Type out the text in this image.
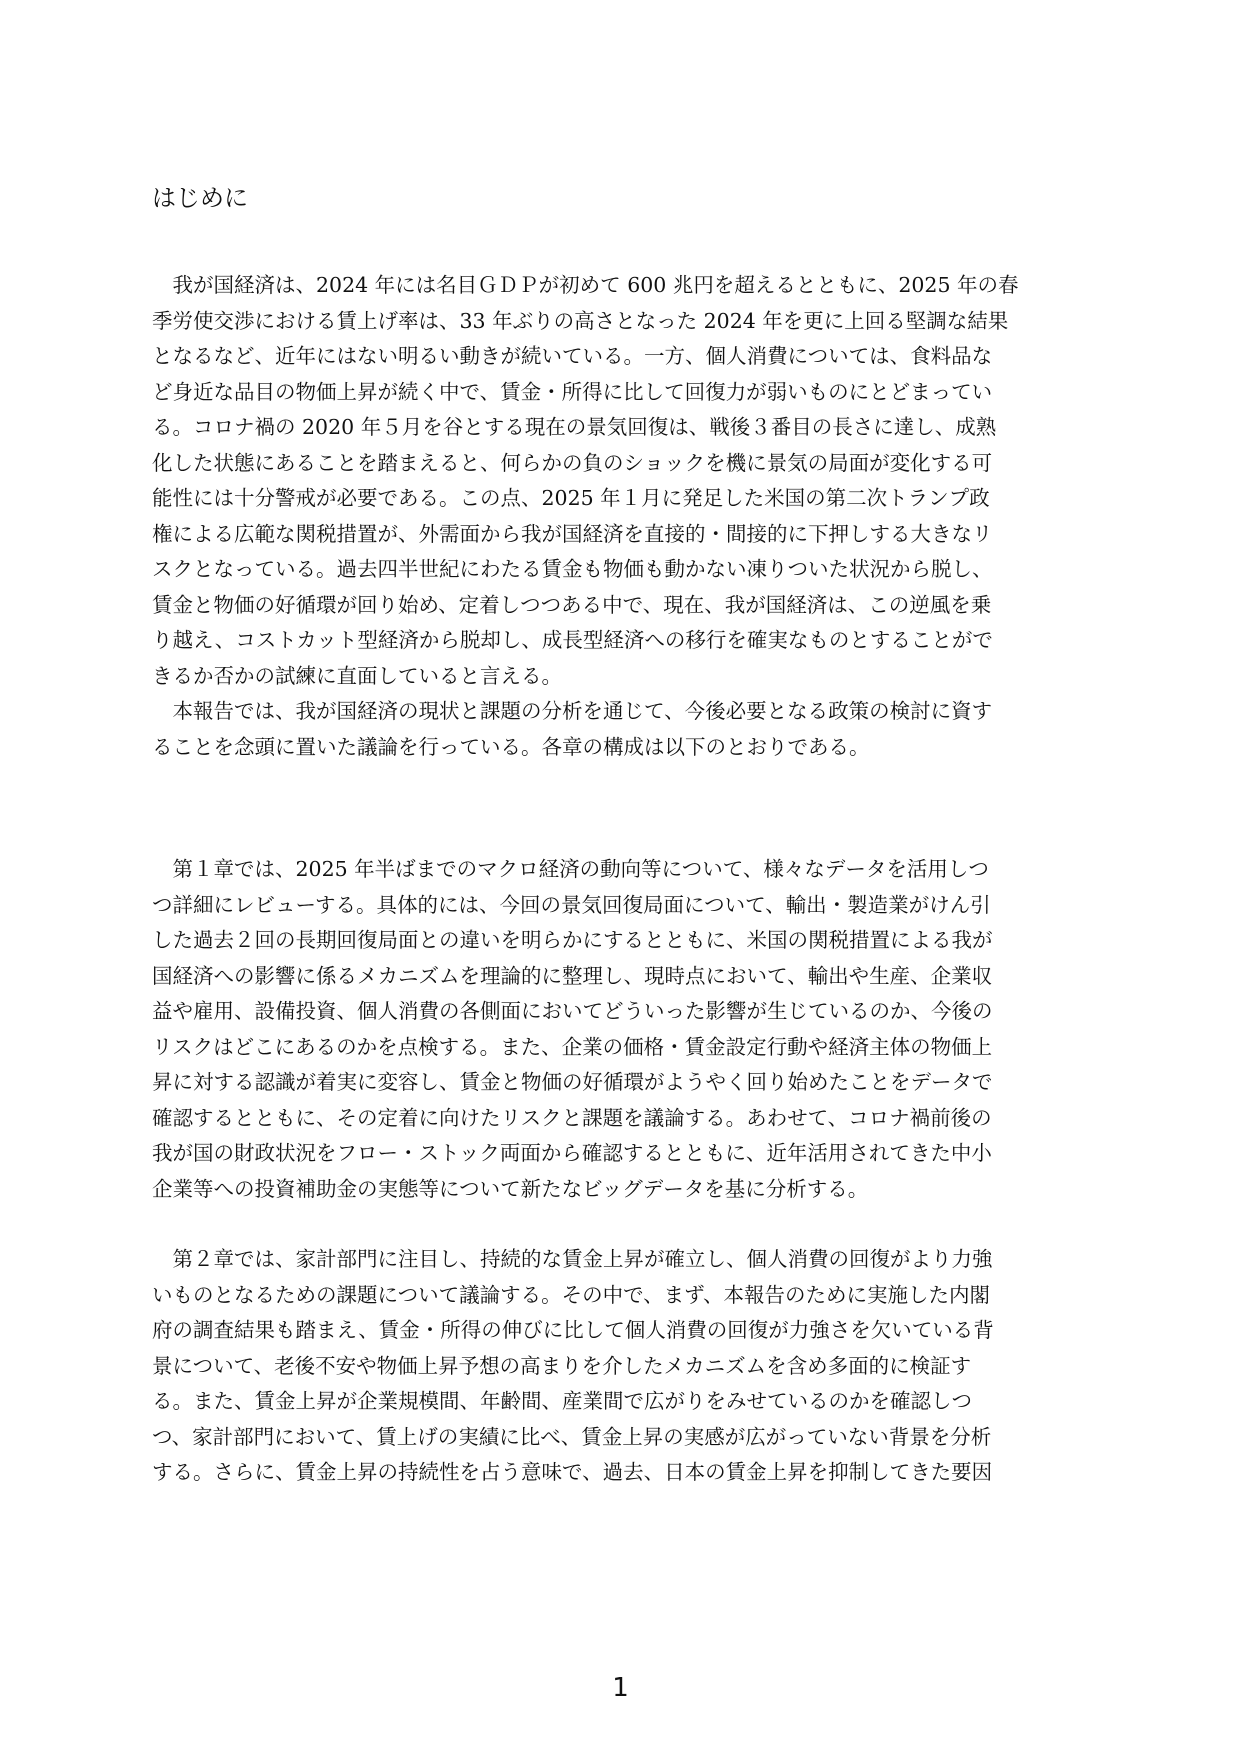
はじめに
　我が国経済は、2024 年には名目ＧＤＰが初めて 600 兆円を超えるとともに、2025 年の春
季労使交渉における賃上げ率は、33 年ぶりの高さとなった 2024 年を更に上回る堅調な結果
となるなど、近年にはない明るい動きが続いている。一方、個人消費については、食料品な
ど身近な品目の物価上昇が続く中で、賃金・所得に比して回復力が弱いものにとどまってい
る。コロナ禍の 2020 年５月を谷とする現在の景気回復は、戦後３番目の長さに達し、成熟
化した状態にあることを踏まえると、何らかの負のショックを機に景気の局面が変化する可
能性には十分警戒が必要である。この点、2025 年１月に発足した米国の第二次トランプ政
権による広範な関税措置が、外需面から我が国経済を直接的・間接的に下押しする大きなリ
スクとなっている。過去四半世紀にわたる賃金も物価も動かない凍りついた状況から脱し、
賃金と物価の好循環が回り始め、定着しつつある中で、現在、我が国経済は、この逆風を乗
り越え、コストカット型経済から脱却し、成長型経済への移行を確実なものとすることがで
きるか否かの試練に直面していると言える。
　本報告では、我が国経済の現状と課題の分析を通じて、今後必要となる政策の検討に資す
ることを念頭に置いた議論を行っている。各章の構成は以下のとおりである。
　第１章では、2025 年半ばまでのマクロ経済の動向等について、様々なデータを活用しつ
つ詳細にレビューする。具体的には、今回の景気回復局面について、輸出・製造業がけん引
した過去２回の長期回復局面との違いを明らかにするとともに、米国の関税措置による我が
国経済への影響に係るメカニズムを理論的に整理し、現時点において、輸出や生産、企業収
益や雇用、設備投資、個人消費の各側面においてどういった影響が生じているのか、今後の
リスクはどこにあるのかを点検する。また、企業の価格・賃金設定行動や経済主体の物価上
昇に対する認識が着実に変容し、賃金と物価の好循環がようやく回り始めたことをデータで
確認するとともに、その定着に向けたリスクと課題を議論する。あわせて、コロナ禍前後の
我が国の財政状況をフロー・ストック両面から確認するとともに、近年活用されてきた中小
企業等への投資補助金の実態等について新たなビッグデータを基に分析する。
　第２章では、家計部門に注目し、持続的な賃金上昇が確立し、個人消費の回復がより力強
いものとなるための課題について議論する。その中で、まず、本報告のために実施した内閣
府の調査結果も踏まえ、賃金・所得の伸びに比して個人消費の回復が力強さを欠いている背
景について、老後不安や物価上昇予想の高まりを介したメカニズムを含め多面的に検証す
る。また、賃金上昇が企業規模間、年齢間、産業間で広がりをみせているのかを確認しつ
つ、家計部門において、賃上げの実績に比べ、賃金上昇の実感が広がっていない背景を分析
する。さらに、賃金上昇の持続性を占う意味で、過去、日本の賃金上昇を抑制してきた要因
1
